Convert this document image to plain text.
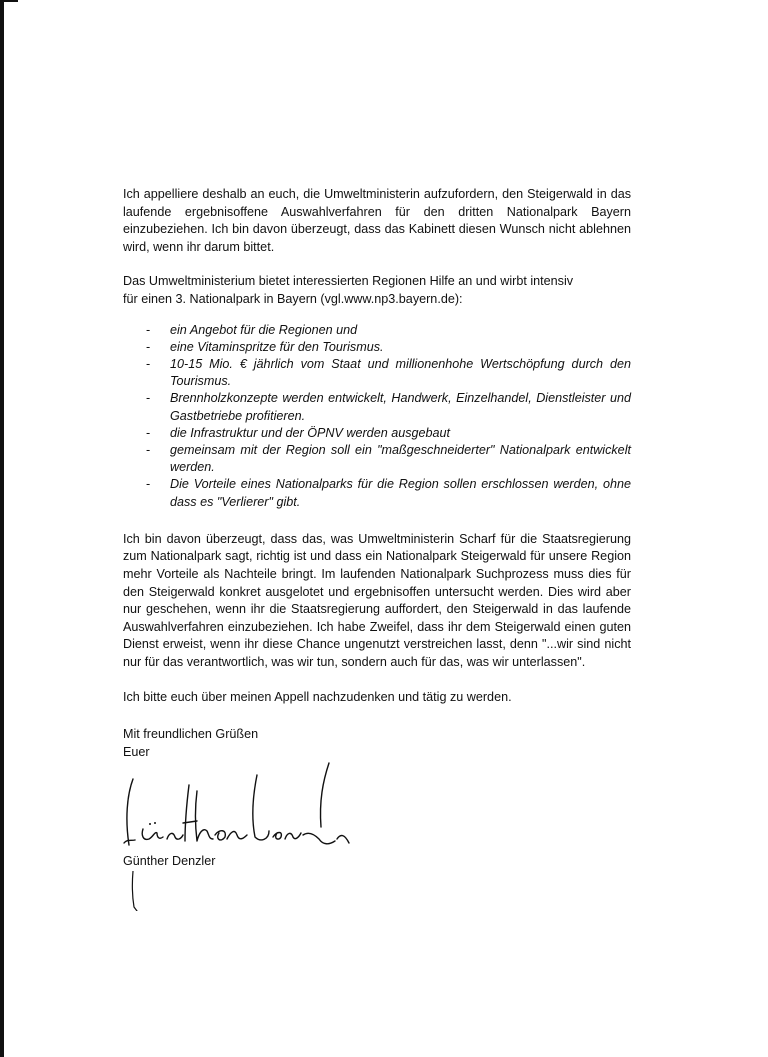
Ich appelliere deshalb an euch, die Umweltministerin aufzufordern, den Steigerwald in das laufende ergebnisoffene Auswahlverfahren für den dritten Nationalpark Bayern einzubeziehen. Ich bin davon überzeugt, dass das Kabinett diesen Wunsch nicht ablehnen wird, wenn ihr darum bittet.

Das Umweltministerium bietet interessierten Regionen Hilfe an und wirbt intensiv

für einen 3. Nationalpark in Bayern (vgl.www.np3.bayern.de):

- ein Angebot für die Regionen und
- eine Vitaminspritze für den Tourismus.
- 10-15 Mio. € jährlich vom Staat und millionenhohe Wertschöpfung durch den Tourismus.
- Brennholzkonzepte werden entwickelt, Handwerk, Einzelhandel, Dienstleister und Gastbetriebe profitieren.
- die Infrastruktur und der ÖPNV werden ausgebaut
- gemeinsam mit der Region soll ein "maßgeschneiderter" Nationalpark entwickelt werden.
- Die Vorteile eines Nationalparks für die Region sollen erschlossen werden, ohne dass es "Verlierer" gibt.

Ich bin davon überzeugt, dass das, was Umweltministerin Scharf für die Staatsregierung zum Nationalpark sagt, richtig ist und dass ein Nationalpark Steigerwald für unsere Region mehr Vorteile als Nachteile bringt. Im laufenden Nationalpark Suchprozess muss dies für den Steigerwald konkret ausgelotet und ergebnisoffen untersucht werden. Dies wird aber nur geschehen, wenn ihr die Staatsregierung auffordert, den Steigerwald in das laufende Auswahlverfahren einzubeziehen. Ich habe Zweifel, dass ihr dem Steigerwald einen guten Dienst erweist, wenn ihr diese Chance ungenutzt verstreichen lasst, denn "...wir sind nicht nur für das verantwortlich, was wir tun, sondern auch für das, was wir unterlassen".

Ich bitte euch über meinen Appell nachzudenken und tätig zu werden.

Mit freundlichen Grüßen

Euer

Günther Denzler
